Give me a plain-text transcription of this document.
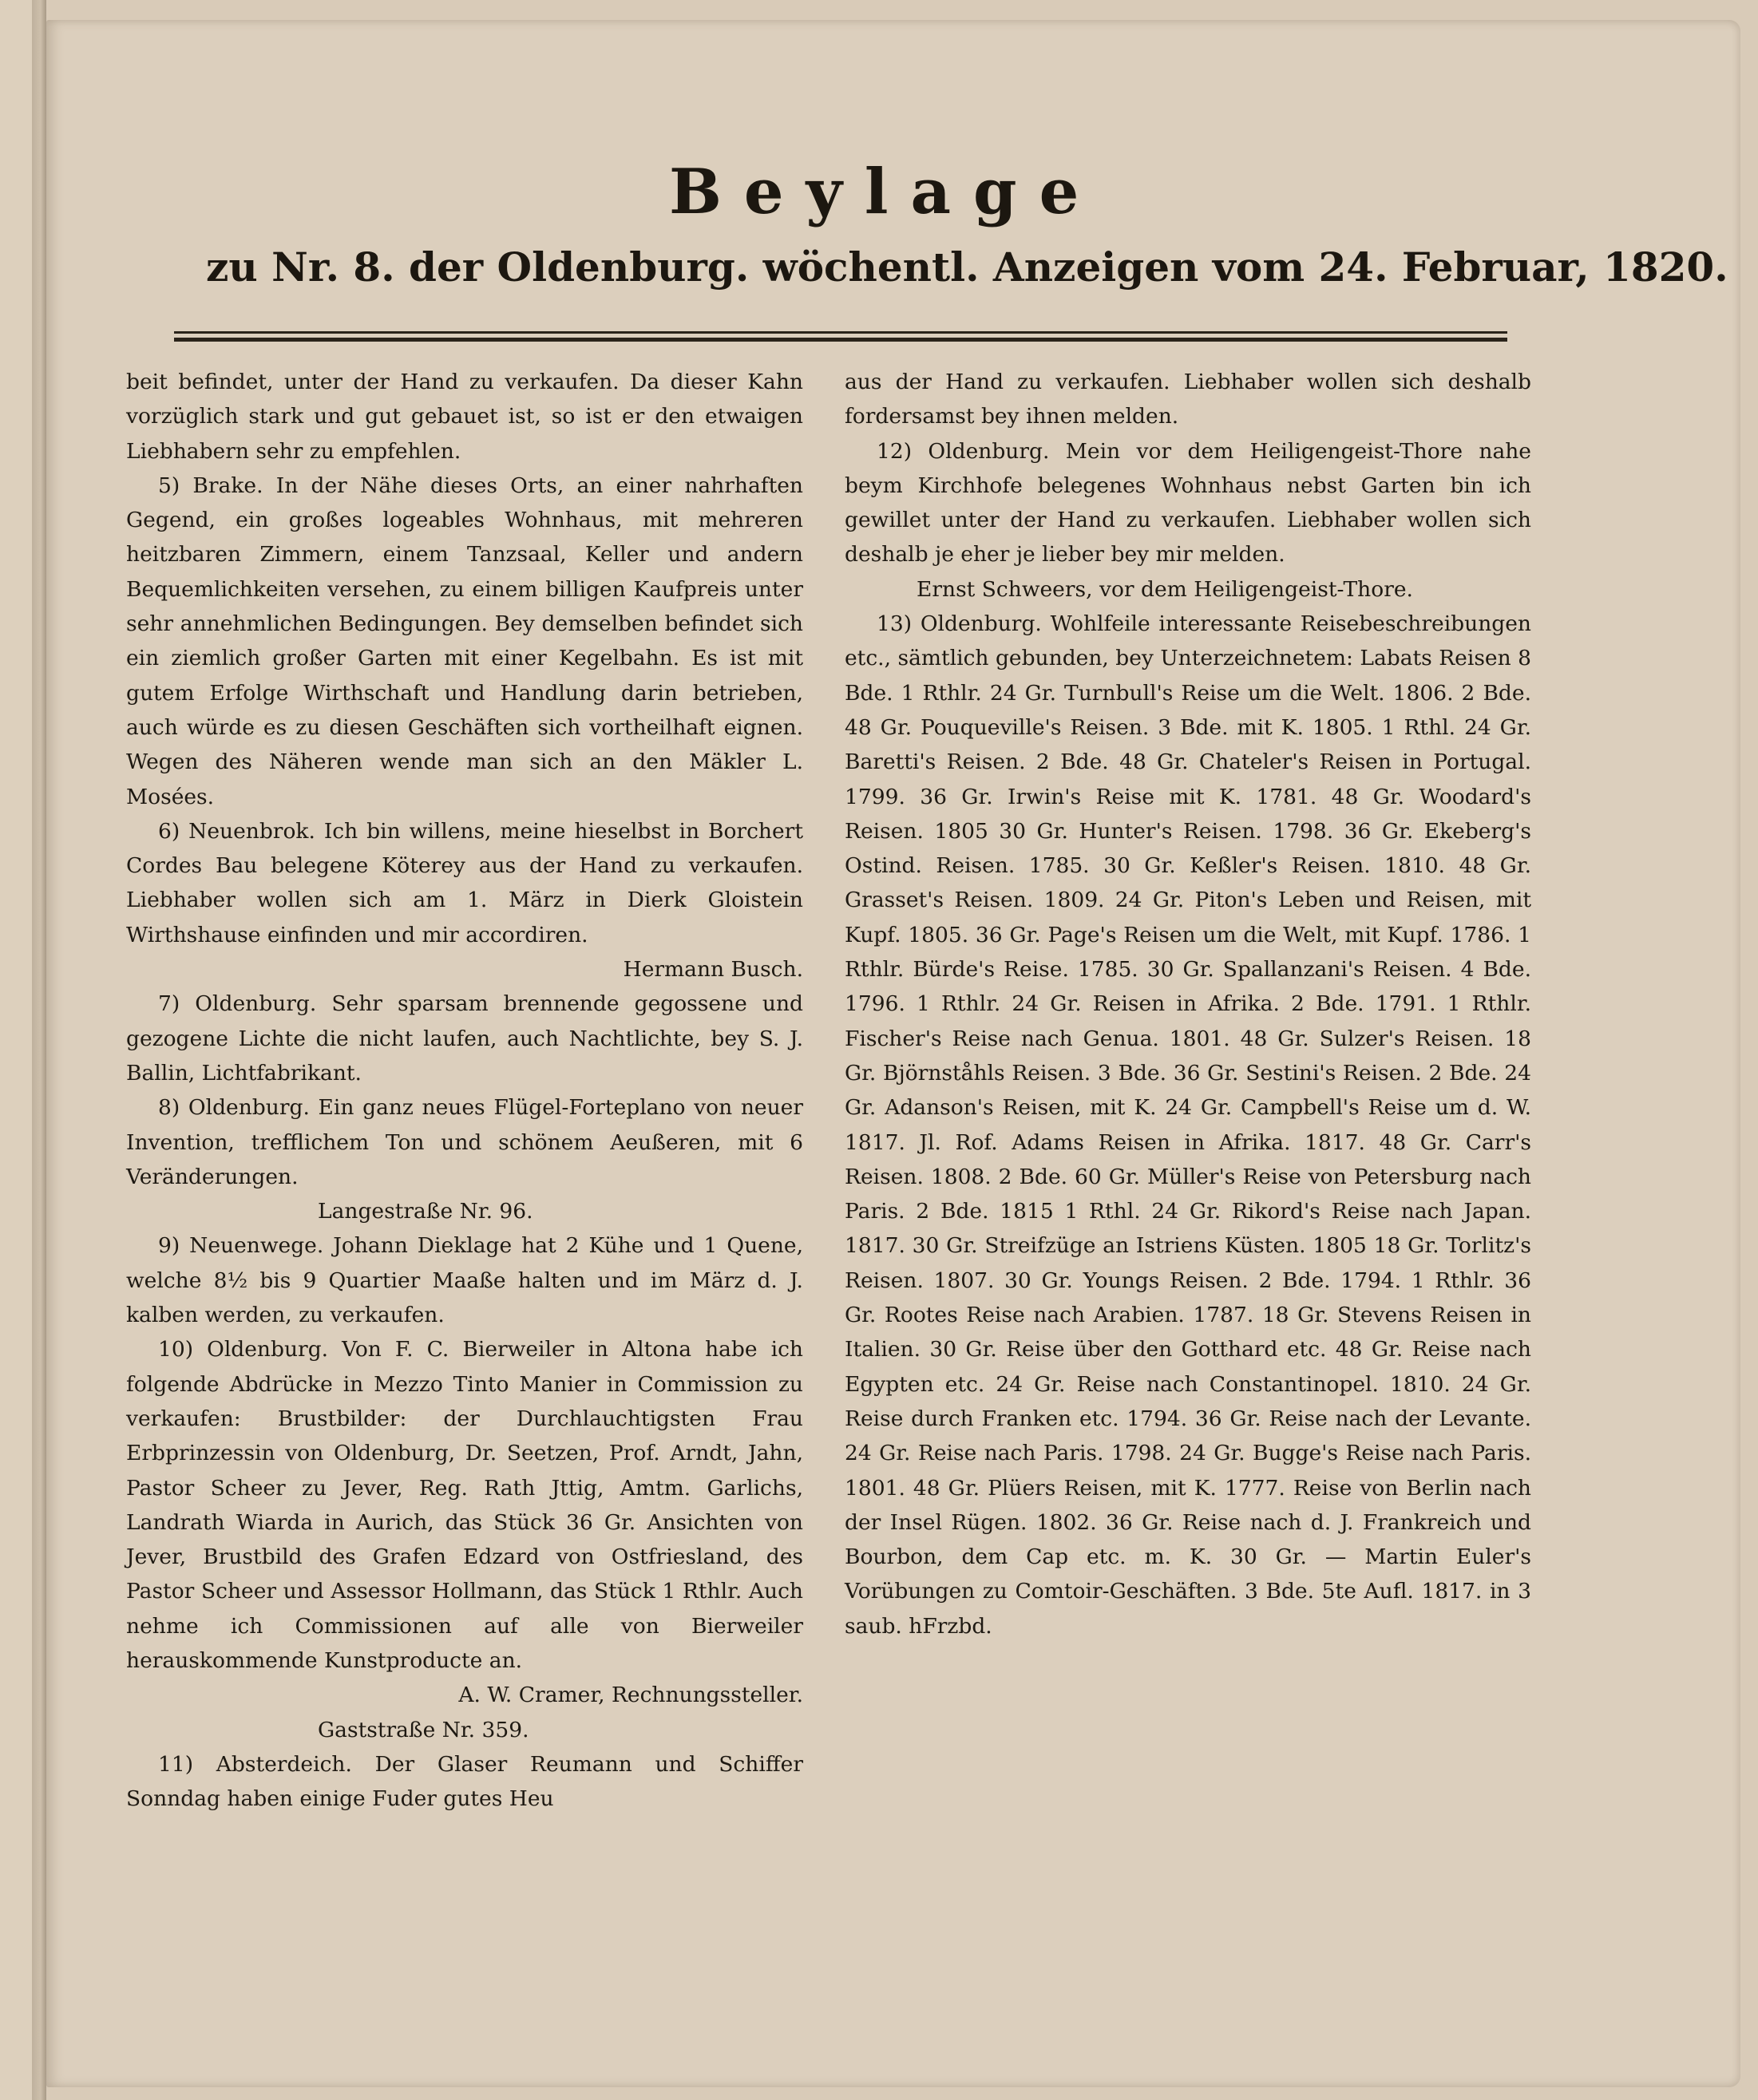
Beylage
zu Nr. 8. der Oldenburg. wöchentl. Anzeigen vom 24. Februar, 1820.

beit befindet, unter der Hand zu verkaufen. Da dieser Kahn vorzüglich stark und gut gebauet ist, so ist er den etwaigen Liebhabern sehr zu empfehlen.

5) Brake. In der Nähe dieses Orts, an einer nahrhaften Gegend, ein großes logeables Wohnhaus, mit mehreren heitzbaren Zimmern, einem Tanzsaal, Keller und andern Bequemlichkeiten versehen, zu einem billigen Kaufpreis unter sehr annehmlichen Bedingungen. Bey demselben befindet sich ein ziemlich großer Garten mit einer Kegelbahn. Es ist mit gutem Erfolge Wirthschaft und Handlung darin betrieben, auch würde es zu diesen Geschäften sich vortheilhaft eignen. Wegen des Näheren wende man sich an den Mäkler L. Mosées.

6) Neuenbrok. Ich bin willens, meine hieselbst in Borchert Cordes Bau belegene Köterey aus der Hand zu verkaufen. Liebhaber wollen sich am 1. März in Dierk Gloistein Wirthshause einfinden und mir accordiren.

Hermann Busch.

7) Oldenburg. Sehr sparsam brennende gegossene und gezogene Lichte die nicht laufen, auch Nachtlichte, bey S. J. Ballin, Lichtfabrikant.

8) Oldenburg. Ein ganz neues Flügel-Forteplano von neuer Invention, trefflichem Ton und schönem Aeußeren, mit 6 Veränderungen.

Langestraße Nr. 96.

9) Neuenwege. Johann Dieklage hat 2 Kühe und 1 Quene, welche 8½ bis 9 Quartier Maaße halten und im März d. J. kalben werden, zu verkaufen.

10) Oldenburg. Von F. C. Bierweiler in Altona habe ich folgende Abdrücke in Mezzo Tinto Manier in Commission zu verkaufen: Brustbilder: der Durchlauchtigsten Frau Erbprinzessin von Oldenburg, Dr. Seetzen, Prof. Arndt, Jahn, Pastor Scheer zu Jever, Reg. Rath Jttig, Amtm. Garlichs, Landrath Wiarda in Aurich, das Stück 36 Gr. Ansichten von Jever, Brustbild des Grafen Edzard von Ostfriesland, des Pastor Scheer und Assessor Hollmann, das Stück 1 Rthlr. Auch nehme ich Commissionen auf alle von Bierweiler herauskommende Kunstproducte an.

A. W. Cramer, Rechnungssteller.

Gaststraße Nr. 359.

11) Absterdeich. Der Glaser Reumann und Schiffer Sonndag haben einige Fuder gutes Heu

aus der Hand zu verkaufen. Liebhaber wollen sich deshalb fordersamst bey ihnen melden.

12) Oldenburg. Mein vor dem Heiligengeist-Thore nahe beym Kirchhofe belegenes Wohnhaus nebst Garten bin ich gewillet unter der Hand zu verkaufen. Liebhaber wollen sich deshalb je eher je lieber bey mir melden.

Ernst Schweers, vor dem Heiligengeist-Thore.

13) Oldenburg. Wohlfeile interessante Reisebeschreibungen etc., sämtlich gebunden, bey Unterzeichnetem: Labats Reisen 8 Bde. 1 Rthlr. 24 Gr. Turnbull's Reise um die Welt. 1806. 2 Bde. 48 Gr. Pouqueville's Reisen. 3 Bde. mit K. 1805. 1 Rthl. 24 Gr. Baretti's Reisen. 2 Bde. 48 Gr. Chateler's Reisen in Portugal. 1799. 36 Gr. Irwin's Reise mit K. 1781. 48 Gr. Woodard's Reisen. 1805 30 Gr. Hunter's Reisen. 1798. 36 Gr. Ekeberg's Ostind. Reisen. 1785. 30 Gr. Keßler's Reisen. 1810. 48 Gr. Grasset's Reisen. 1809. 24 Gr. Piton's Leben und Reisen, mit Kupf. 1805. 36 Gr. Page's Reisen um die Welt, mit Kupf. 1786. 1 Rthlr. Bürde's Reise. 1785. 30 Gr. Spallanzani's Reisen. 4 Bde. 1796. 1 Rthlr. 24 Gr. Reisen in Afrika. 2 Bde. 1791. 1 Rthlr. Fischer's Reise nach Genua. 1801. 48 Gr. Sulzer's Reisen. 18 Gr. Björnståhls Reisen. 3 Bde. 36 Gr. Sestini's Reisen. 2 Bde. 24 Gr. Adanson's Reisen, mit K. 24 Gr. Campbell's Reise um d. W. 1817. Jl. Rof. Adams Reisen in Afrika. 1817. 48 Gr. Carr's Reisen. 1808. 2 Bde. 60 Gr. Müller's Reise von Petersburg nach Paris. 2 Bde. 1815 1 Rthl. 24 Gr. Rikord's Reise nach Japan. 1817. 30 Gr. Streifzüge an Istriens Küsten. 1805 18 Gr. Torlitz's Reisen. 1807. 30 Gr. Youngs Reisen. 2 Bde. 1794. 1 Rthlr. 36 Gr. Rootes Reise nach Arabien. 1787. 18 Gr. Stevens Reisen in Italien. 30 Gr. Reise über den Gotthard etc. 48 Gr. Reise nach Egypten etc. 24 Gr. Reise nach Constantinopel. 1810. 24 Gr. Reise durch Franken etc. 1794. 36 Gr. Reise nach der Levante. 24 Gr. Reise nach Paris. 1798. 24 Gr. Bugge's Reise nach Paris. 1801. 48 Gr. Plüers Reisen, mit K. 1777. Reise von Berlin nach der Insel Rügen. 1802. 36 Gr. Reise nach d. J. Frankreich und Bourbon, dem Cap etc. m. K. 30 Gr. — Martin Euler's Vorübungen zu Comtoir-Geschäften. 3 Bde. 5te Aufl. 1817. in 3 saub. hFrzbd.
